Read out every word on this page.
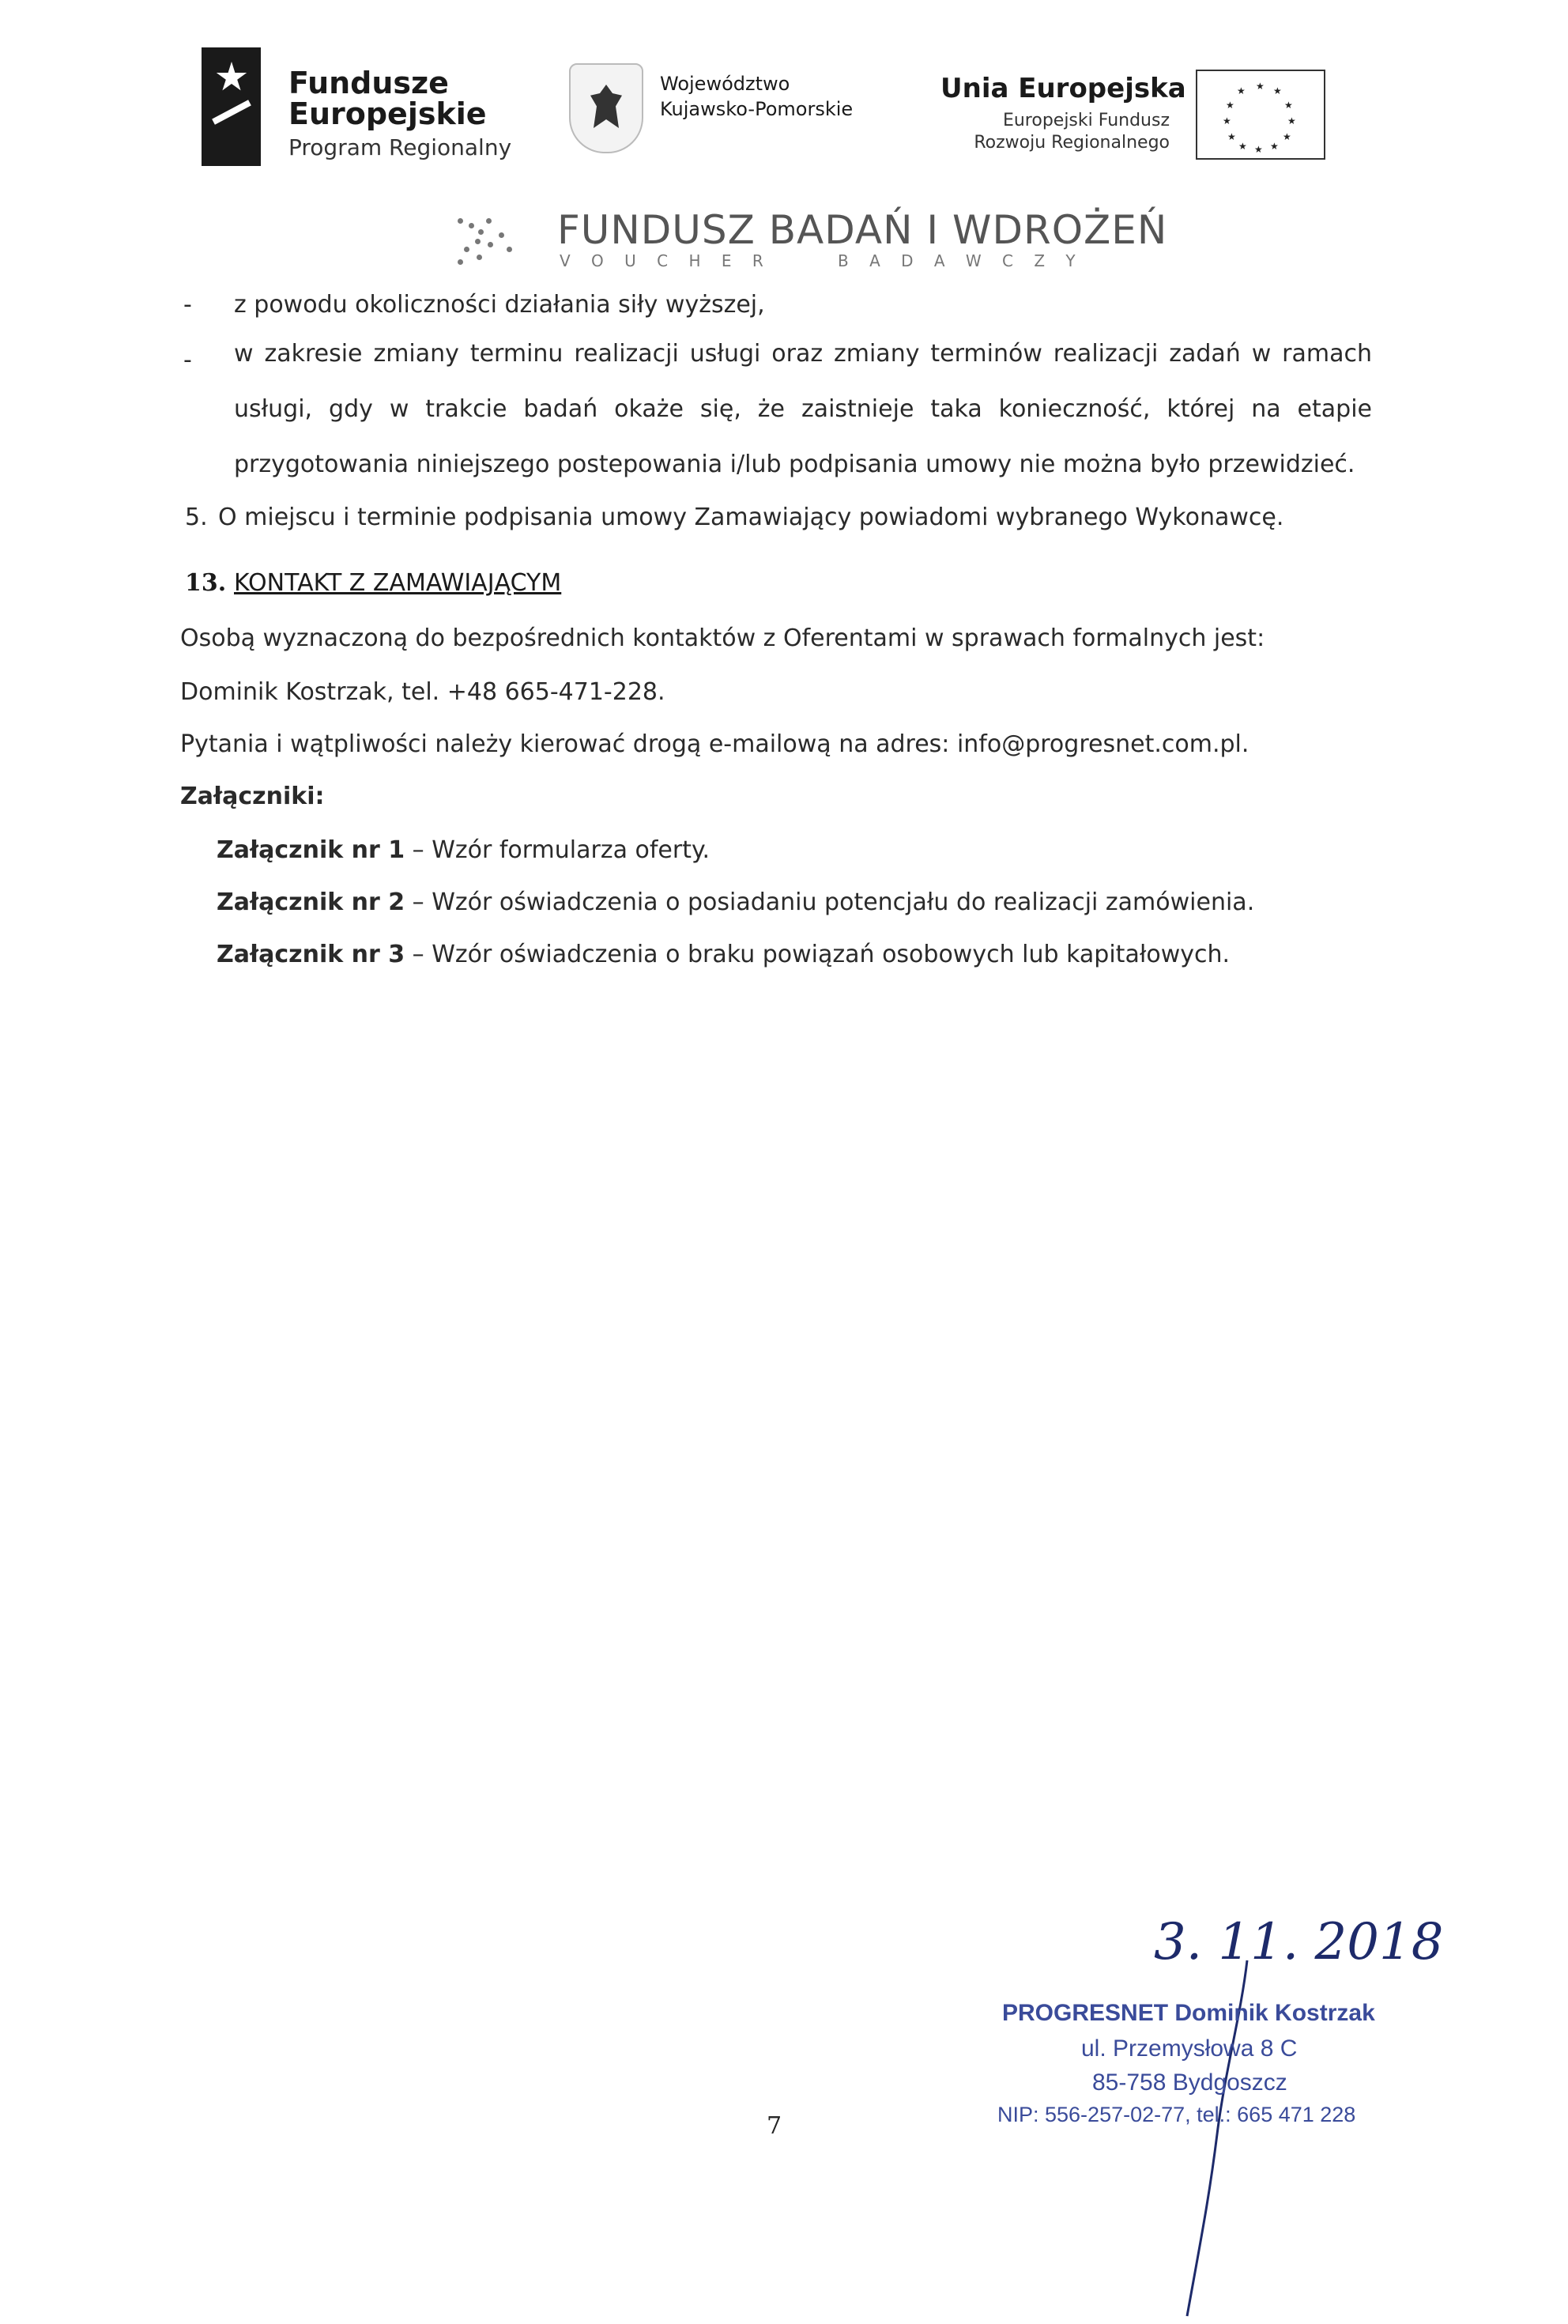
Fundusze
Europejskie
Program Regionalny
Województwo
Kujawsko-Pomorskie
Unia Europejska
Europejski Fundusz
Rozwoju Regionalnego
★ ★
★
★
★
★
★
★
★
★
★
★
FUNDUSZ BADAŃ I WDROŻEŃ
V O U C H E R	B A D A W C Z Y
- z powodu okoliczności działania siły wyższej,
- w zakresie zmiany terminu realizacji usługi oraz zmiany terminów realizacji zadań w ramach
usługi, gdy w trakcie badań okaże się, że zaistnieje taka konieczność, której na etapie
przygotowania niniejszego postepowania i/lub podpisania umowy nie można było przewidzieć.
5. O miejscu i terminie podpisania umowy Zamawiający powiadomi wybranego Wykonawcę.
13. KONTAKT Z ZAMAWIAJĄCYM
Osobą wyznaczoną do bezpośrednich kontaktów z Oferentami w sprawach formalnych jest:
Dominik Kostrzak, tel. +48 665-471-228.
Pytania i wątpliwości należy kierować drogą e-mailową na adres: info@progresnet.com.pl.
Załączniki:
Załącznik nr 1 – Wzór formularza oferty.
Załącznik nr 2 – Wzór oświadczenia o posiadaniu potencjału do realizacji zamówienia.
Załącznik nr 3 – Wzór oświadczenia o braku powiązań osobowych lub kapitałowych.
3. 11. 2018
PROGRESNET Dominik Kostrzak
ul. Przemysłowa 8 C
85-758 Bydgoszcz
NIP: 556-257-02-77, tel.: 665 471 228
7
